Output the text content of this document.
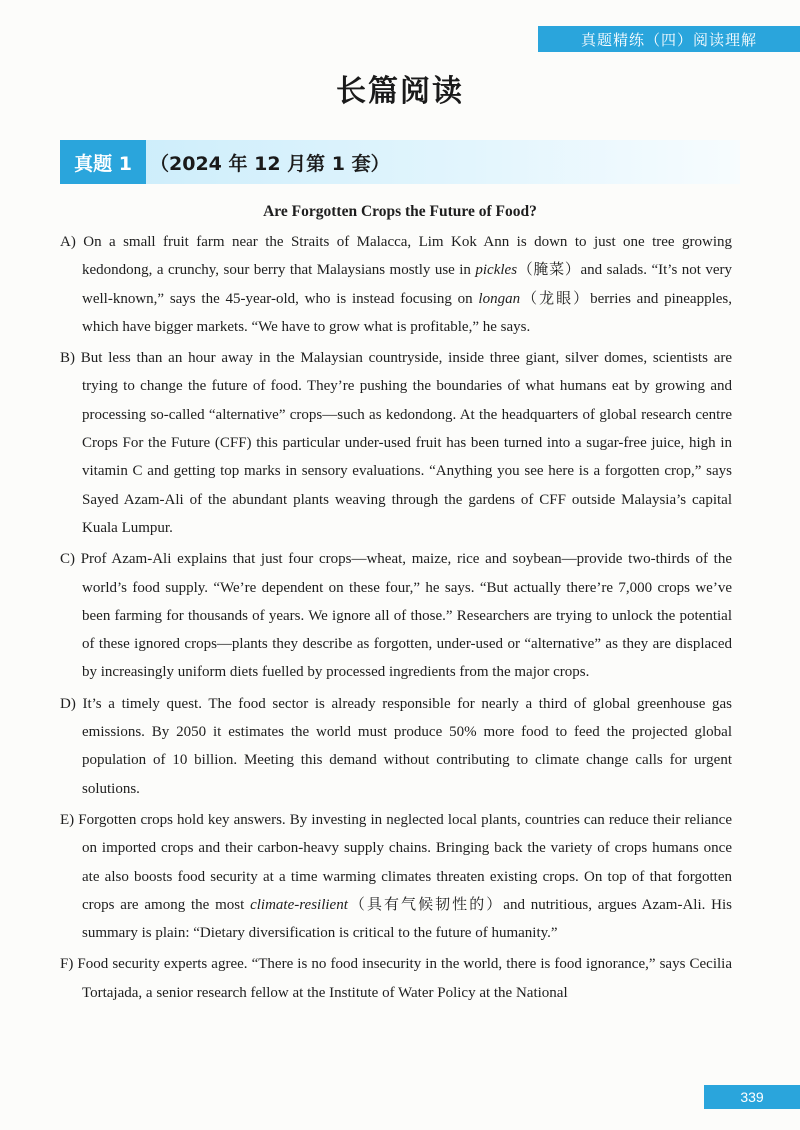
真题精练（四）阅读理解
长篇阅读
真题 1 （2024 年 12 月第 1 套）
Are Forgotten Crops the Future of Food?

A) On a small fruit farm near the Straits of Malacca, Lim Kok Ann is down to just one tree growing kedondong, a crunchy, sour berry that Malaysians mostly use in pickles（腌菜）and salads. “It’s not very well-known,” says the 45-year-old, who is instead focusing on longan（龙眼）berries and pineapples, which have bigger markets. “We have to grow what is profitable,” he says.

B) But less than an hour away in the Malaysian countryside, inside three giant, silver domes, scientists are trying to change the future of food. They’re pushing the boundaries of what humans eat by growing and processing so-called “alternative” crops—such as kedondong. At the headquarters of global research centre Crops For the Future (CFF) this particular under-used fruit has been turned into a sugar-free juice, high in vitamin C and getting top marks in sensory evaluations. “Anything you see here is a forgotten crop,” says Sayed Azam-Ali of the abundant plants weaving through the gardens of CFF outside Malaysia’s capital Kuala Lumpur.

C) Prof Azam-Ali explains that just four crops—wheat, maize, rice and soybean—provide two-thirds of the world’s food supply. “We’re dependent on these four,” he says. “But actually there’re 7,000 crops we’ve been farming for thousands of years. We ignore all of those.” Researchers are trying to unlock the potential of these ignored crops—plants they describe as forgotten, under-used or “alternative” as they are displaced by increasingly uniform diets fuelled by processed ingredients from the major crops.

D) It’s a timely quest. The food sector is already responsible for nearly a third of global greenhouse gas emissions. By 2050 it estimates the world must produce 50% more food to feed the projected global population of 10 billion. Meeting this demand without contributing to climate change calls for urgent solutions.

E) Forgotten crops hold key answers. By investing in neglected local plants, countries can reduce their reliance on imported crops and their carbon-heavy supply chains. Bringing back the variety of crops humans once ate also boosts food security at a time warming climates threaten existing crops. On top of that forgotten crops are among the most climate-resilient（具有气候韧性的）and nutritious, argues Azam-Ali. His summary is plain: “Dietary diversification is critical to the future of humanity.”

F) Food security experts agree. “There is no food insecurity in the world, there is food ignorance,” says Cecilia Tortajada, a senior research fellow at the Institute of Water Policy at the National

339
